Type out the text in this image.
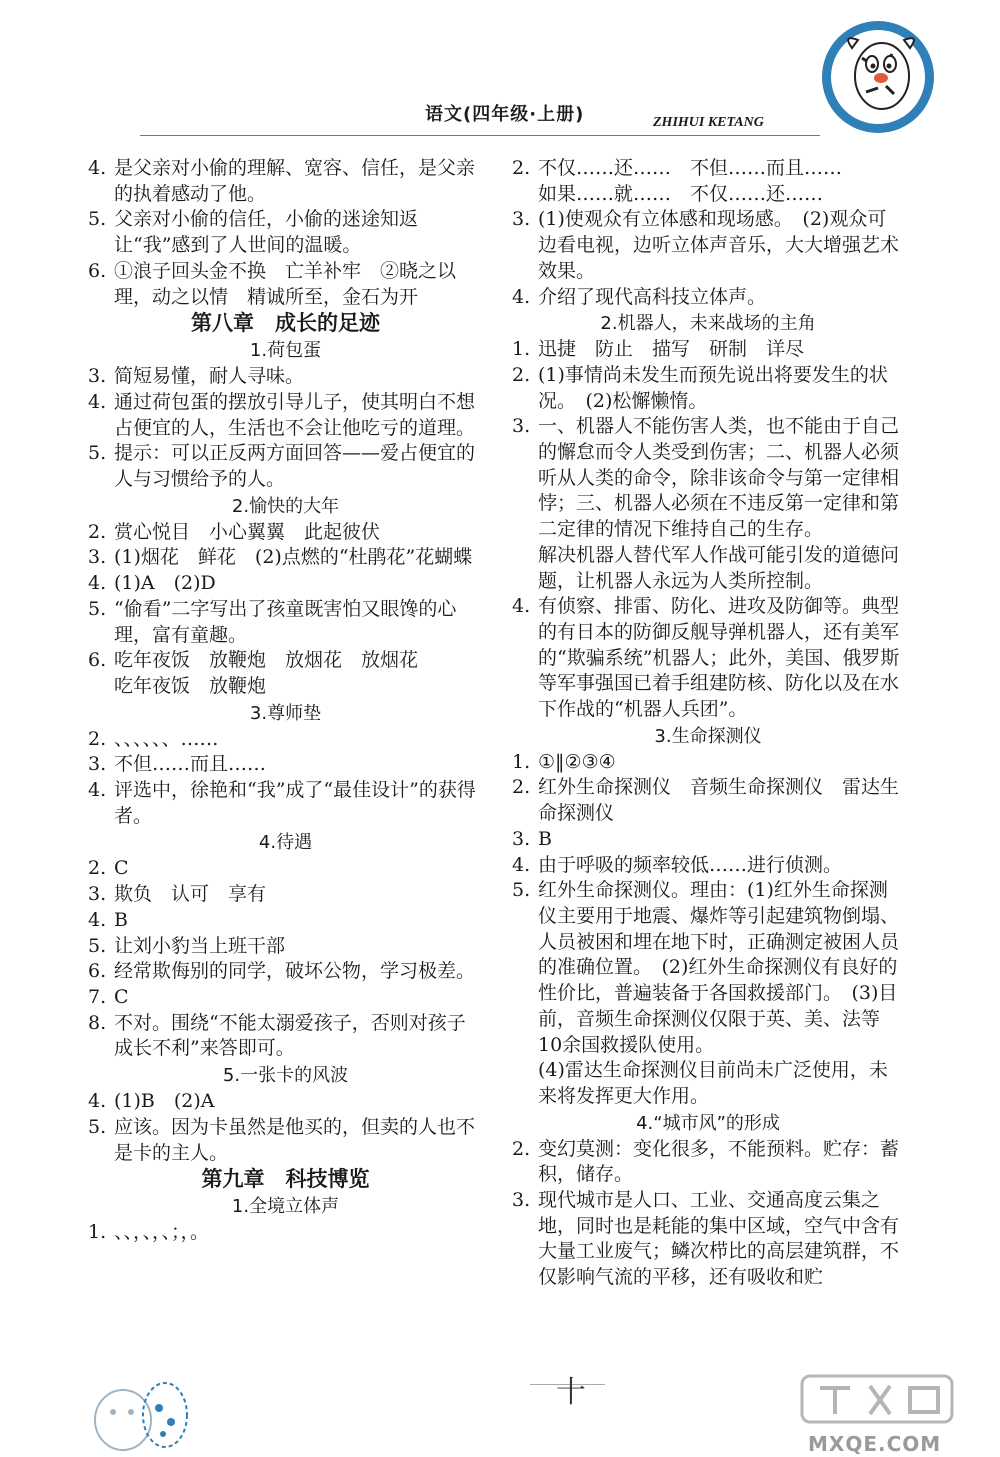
语文(四年级·上册)	ZHIHUI KETANG

4. 是父亲对小偷的理解、宽容、信任，是父亲的执着感动了他。

5. 父亲对小偷的信任，小偷的迷途知返让“我”感到了人世间的温暖。

6. ①浪子回头金不换　亡羊补牢　②晓之以理，动之以情　精诚所至，金石为开

第八章　成长的足迹

1.荷包蛋

3. 简短易懂，耐人寻味。

4. 通过荷包蛋的摆放引导儿子，使其明白不想占便宜的人，生活也不会让他吃亏的道理。

5. 提示：可以正反两方面回答——爱占便宜的人与习惯给予的人。

2.愉快的大年

2. 赏心悦目　小心翼翼　此起彼伏

3. (1)烟花　鲜花　(2)点燃的“杜鹃花”花蝴蝶

4. (1)A　(2)D

5. “偷看”二字写出了孩童既害怕又眼馋的心理，富有童趣。

6. 吃年夜饭　放鞭炮　放烟花　放烟花
吃年夜饭　放鞭炮

3.尊师垫

2. 、、、、、、……

3. 不但……而且……

4. 评选中，徐艳和“我”成了“最佳设计”的获得者。

4.待遇

2. C

3. 欺负　认可　享有

4. B

5. 让刘小豹当上班干部

6. 经常欺侮别的同学，破坏公物，学习极差。

7. C

8. 不对。围绕“不能太溺爱孩子，否则对孩子成长不利”来答即可。

5.一张卡的风波

4. (1)B　(2)A

5. 应该。因为卡虽然是他买的，但卖的人也不是卡的主人。

第九章　科技博览

1.全境立体声

1. 、、，、，、；，。

2. 不仅……还……　不但……而且……
如果……就……　不仅……还……

3. (1)使观众有立体感和现场感。　(2)观众可边看电视，边听立体声音乐，大大增强艺术效果。

4. 介绍了现代高科技立体声。

2.机器人，未来战场的主角

1. 迅捷　防止　描写　研制　详尽

2. (1)事情尚未发生而预先说出将要发生的状况。　(2)松懈懒惰。

3. 一、机器人不能伤害人类，也不能由于自己的懈怠而令人类受到伤害；二、机器人必须听从人类的命令，除非该命令与第一定律相悖；三、机器人必须在不违反第一定律和第二定律的情况下维持自己的生存。

解决机器人替代军人作战可能引发的道德问题，让机器人永远为人类所控制。

4. 有侦察、排雷、防化、进攻及防御等。典型的有日本的防御反舰导弹机器人，还有美军的“欺骗系统”机器人；此外，美国、俄罗斯等军事强国已着手组建防核、防化以及在水下作战的“机器人兵团”。

3.生命探测仪

1. ①‖②③④

2. 红外生命探测仪　音频生命探测仪　雷达生命探测仪

3. B

4. 由于呼吸的频率较低……进行侦测。

5. 红外生命探测仪。理由：(1)红外生命探测仪主要用于地震、爆炸等引起建筑物倒塌、人员被困和埋在地下时，正确测定被困人员的准确位置。　(2)红外生命探测仪有良好的性价比，普遍装备于各国救援部门。　(3)目前，音频生命探测仪仅限于英、美、法等10余国救援队使用。

(4)雷达生命探测仪目前尚未广泛使用，未来将发挥更大作用。

4.“城市风”的形成

2. 变幻莫测：变化很多，不能预料。贮存：蓄积，储存。

3. 现代城市是人口、工业、交通高度云集之地，同时也是耗能的集中区域，空气中含有大量工业废气；鳞次栉比的高层建筑群，不仅影响气流的平移，还有吸收和贮

十
MXQE.COM
